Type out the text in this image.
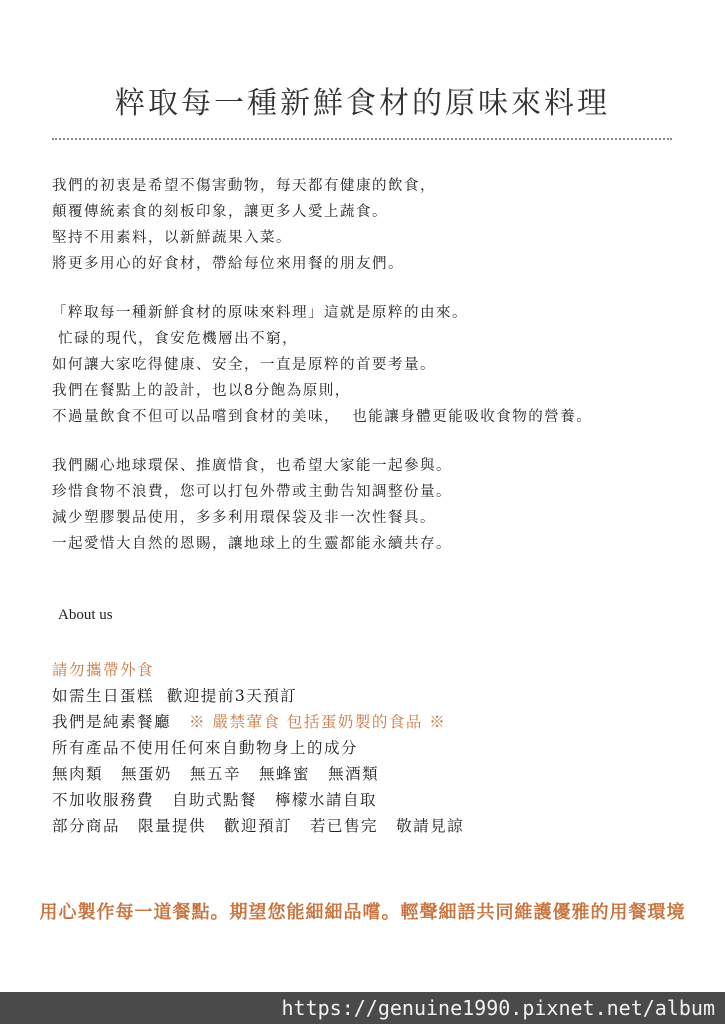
粹取每一種新鮮食材的原味來料理
我們的初衷是希望不傷害動物，每天都有健康的飲食，
顛覆傳統素食的刻板印象，讓更多人愛上蔬食。
堅持不用素料，以新鮮蔬果入菜。
將更多用心的好食材，帶給每位來用餐的朋友們。
「粹取每一種新鮮食材的原味來料理」這就是原粹的由來。
忙碌的現代，食安危機層出不窮，
如何讓大家吃得健康、安全，一直是原粹的首要考量。
我們在餐點上的設計，也以8分飽為原則，
不過量飲食不但可以品嚐到食材的美味，  也能讓身體更能吸收食物的營養。
我們關心地球環保、推廣惜食，也希望大家能一起參與。
珍惜食物不浪費，您可以打包外帶或主動告知調整份量。
減少塑膠製品使用，多多利用環保袋及非一次性餐具。
一起愛惜大自然的恩賜，讓地球上的生靈都能永續共存。
About us
請勿攜帶外食
如需生日蛋糕  歡迎提前3天預訂
我們是純素餐廳 ※ 嚴禁葷食 包括蛋奶製的食品 ※
所有產品不使用任何來自動物身上的成分
無肉類 無蛋奶 無五辛 無蜂蜜 無酒類
不加收服務費 自助式點餐 檸檬水請自取
部分商品 限量提供 歡迎預訂 若已售完 敬請見諒
用心製作每一道餐點。期望您能細細品嚐。輕聲細語共同維護優雅的用餐環境
https://genuine1990.pixnet.net/album
